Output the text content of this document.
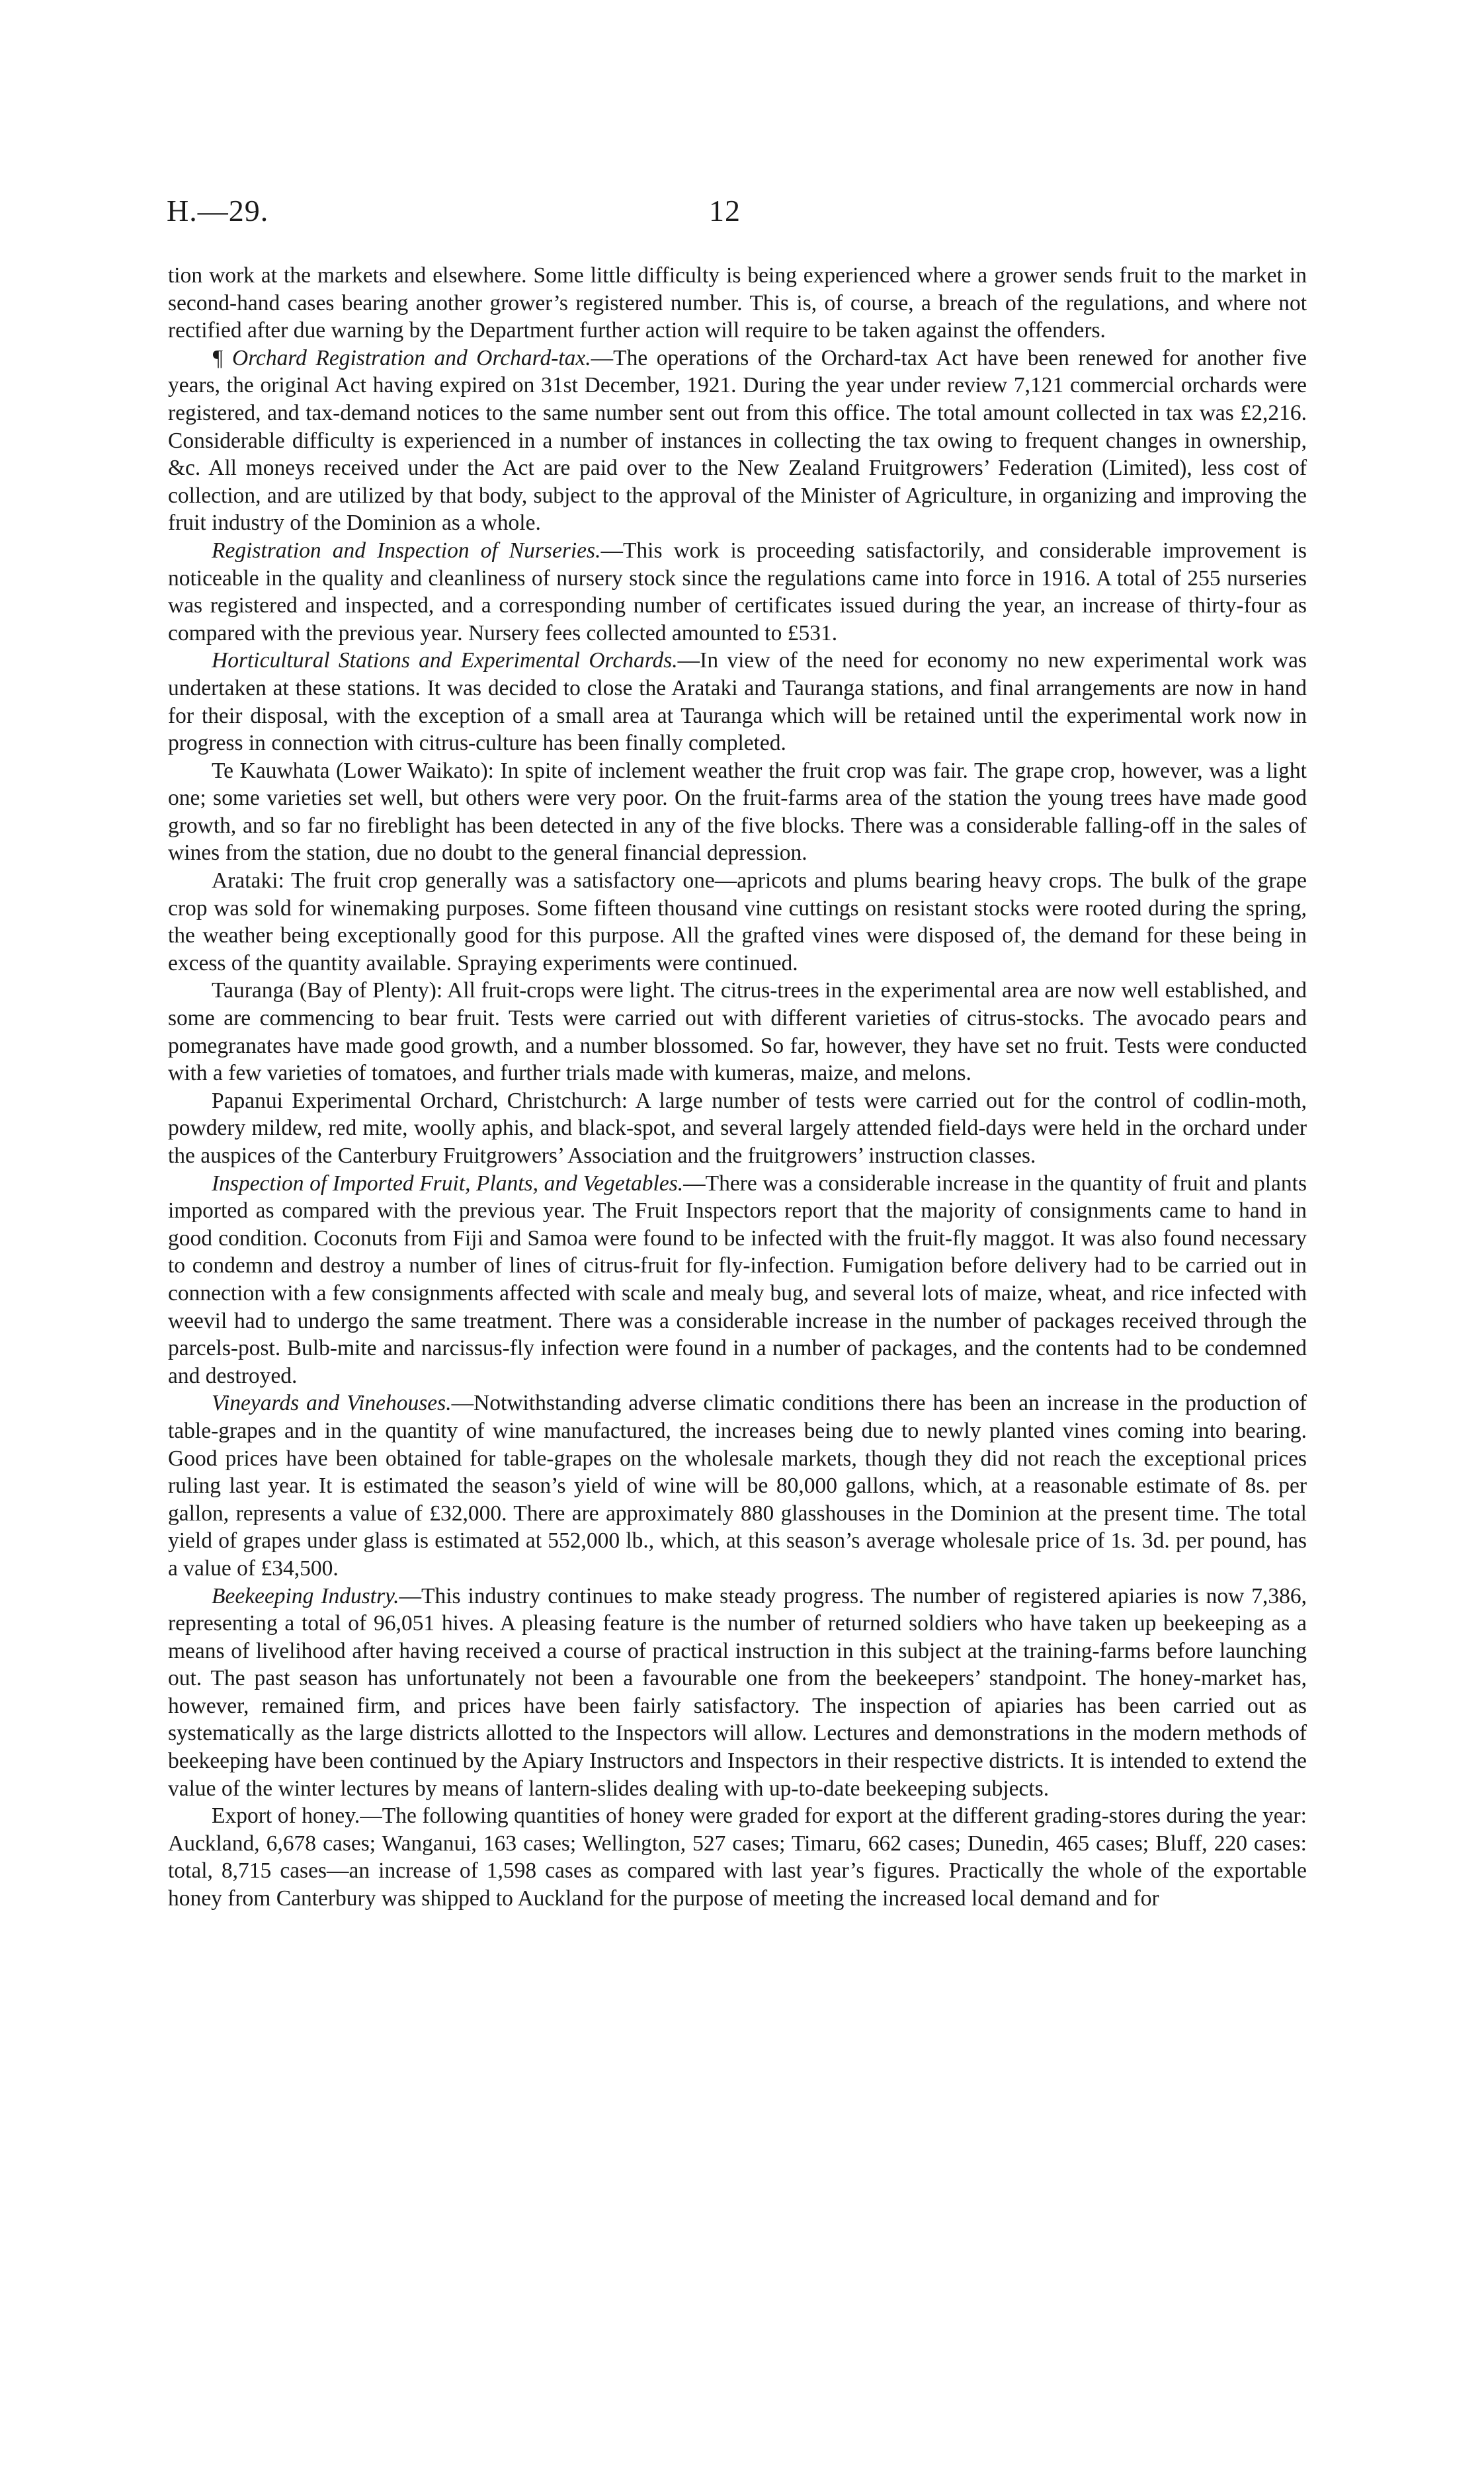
H.—29.	12

tion work at the markets and elsewhere. Some little difficulty is being experienced where a grower sends fruit to the market in second-hand cases bearing another grower’s registered number. This is, of course, a breach of the regulations, and where not rectified after due warning by the Department further action will require to be taken against the offenders.

¶ Orchard Registration and Orchard-tax.—The operations of the Orchard-tax Act have been renewed for another five years, the original Act having expired on 31st December, 1921. During the year under review 7,121 commercial orchards were registered, and tax-demand notices to the same number sent out from this office. The total amount collected in tax was £2,216. Considerable difficulty is experienced in a number of instances in collecting the tax owing to frequent changes in ownership, &c. All moneys received under the Act are paid over to the New Zealand Fruitgrowers’ Federation (Limited), less cost of collection, and are utilized by that body, subject to the approval of the Minister of Agriculture, in organizing and improving the fruit industry of the Dominion as a whole.

Registration and Inspection of Nurseries.—This work is proceeding satisfactorily, and considerable improvement is noticeable in the quality and cleanliness of nursery stock since the regulations came into force in 1916. A total of 255 nurseries was registered and inspected, and a corresponding number of certificates issued during the year, an increase of thirty-four as compared with the previous year. Nursery fees collected amounted to £531.

Horticultural Stations and Experimental Orchards.—In view of the need for economy no new experimental work was undertaken at these stations. It was decided to close the Arataki and Tauranga stations, and final arrangements are now in hand for their disposal, with the exception of a small area at Tauranga which will be retained until the experimental work now in progress in connection with citrus-culture has been finally completed.

Te Kauwhata (Lower Waikato): In spite of inclement weather the fruit crop was fair. The grape crop, however, was a light one; some varieties set well, but others were very poor. On the fruit-farms area of the station the young trees have made good growth, and so far no fireblight has been detected in any of the five blocks. There was a considerable falling-off in the sales of wines from the station, due no doubt to the general financial depression.

Arataki: The fruit crop generally was a satisfactory one—apricots and plums bearing heavy crops. The bulk of the grape crop was sold for winemaking purposes. Some fifteen thousand vine cuttings on resistant stocks were rooted during the spring, the weather being exceptionally good for this purpose. All the grafted vines were disposed of, the demand for these being in excess of the quantity available. Spraying experiments were continued.

Tauranga (Bay of Plenty): All fruit-crops were light. The citrus-trees in the experimental area are now well established, and some are commencing to bear fruit. Tests were carried out with different varieties of citrus-stocks. The avocado pears and pomegranates have made good growth, and a number blossomed. So far, however, they have set no fruit. Tests were conducted with a few varieties of tomatoes, and further trials made with kumeras, maize, and melons.

Papanui Experimental Orchard, Christchurch: A large number of tests were carried out for the control of codlin-moth, powdery mildew, red mite, woolly aphis, and black-spot, and several largely attended field-days were held in the orchard under the auspices of the Canterbury Fruitgrowers’ Association and the fruitgrowers’ instruction classes.

Inspection of Imported Fruit, Plants, and Vegetables.—There was a considerable increase in the quantity of fruit and plants imported as compared with the previous year. The Fruit Inspectors report that the majority of consignments came to hand in good condition. Coconuts from Fiji and Samoa were found to be infected with the fruit-fly maggot. It was also found necessary to condemn and destroy a number of lines of citrus-fruit for fly-infection. Fumigation before delivery had to be carried out in connection with a few consignments affected with scale and mealy bug, and several lots of maize, wheat, and rice infected with weevil had to undergo the same treatment. There was a considerable increase in the number of packages received through the parcels-post. Bulb-mite and narcissus-fly infection were found in a number of packages, and the contents had to be condemned and destroyed.

Vineyards and Vinehouses.—Notwithstanding adverse climatic conditions there has been an increase in the production of table-grapes and in the quantity of wine manufactured, the increases being due to newly planted vines coming into bearing. Good prices have been obtained for table-grapes on the wholesale markets, though they did not reach the exceptional prices ruling last year. It is estimated the season’s yield of wine will be 80,000 gallons, which, at a reasonable estimate of 8s. per gallon, represents a value of £32,000. There are approximately 880 glasshouses in the Dominion at the present time. The total yield of grapes under glass is estimated at 552,000 lb., which, at this season’s average wholesale price of 1s. 3d. per pound, has a value of £34,500.

Beekeeping Industry.—This industry continues to make steady progress. The number of registered apiaries is now 7,386, representing a total of 96,051 hives. A pleasing feature is the number of returned soldiers who have taken up beekeeping as a means of livelihood after having received a course of practical instruction in this subject at the training-farms before launching out. The past season has unfortunately not been a favourable one from the beekeepers’ standpoint. The honey-market has, however, remained firm, and prices have been fairly satisfactory. The inspection of apiaries has been carried out as systematically as the large districts allotted to the Inspectors will allow. Lectures and demonstrations in the modern methods of beekeeping have been continued by the Apiary Instructors and Inspectors in their respective districts. It is intended to extend the value of the winter lectures by means of lantern-slides dealing with up-to-date beekeeping subjects.

Export of honey.—The following quantities of honey were graded for export at the different grading-stores during the year: Auckland, 6,678 cases; Wanganui, 163 cases; Wellington, 527 cases; Timaru, 662 cases; Dunedin, 465 cases; Bluff, 220 cases: total, 8,715 cases—an increase of 1,598 cases as compared with last year’s figures. Practically the whole of the exportable honey from Canterbury was shipped to Auckland for the purpose of meeting the increased local demand and for
